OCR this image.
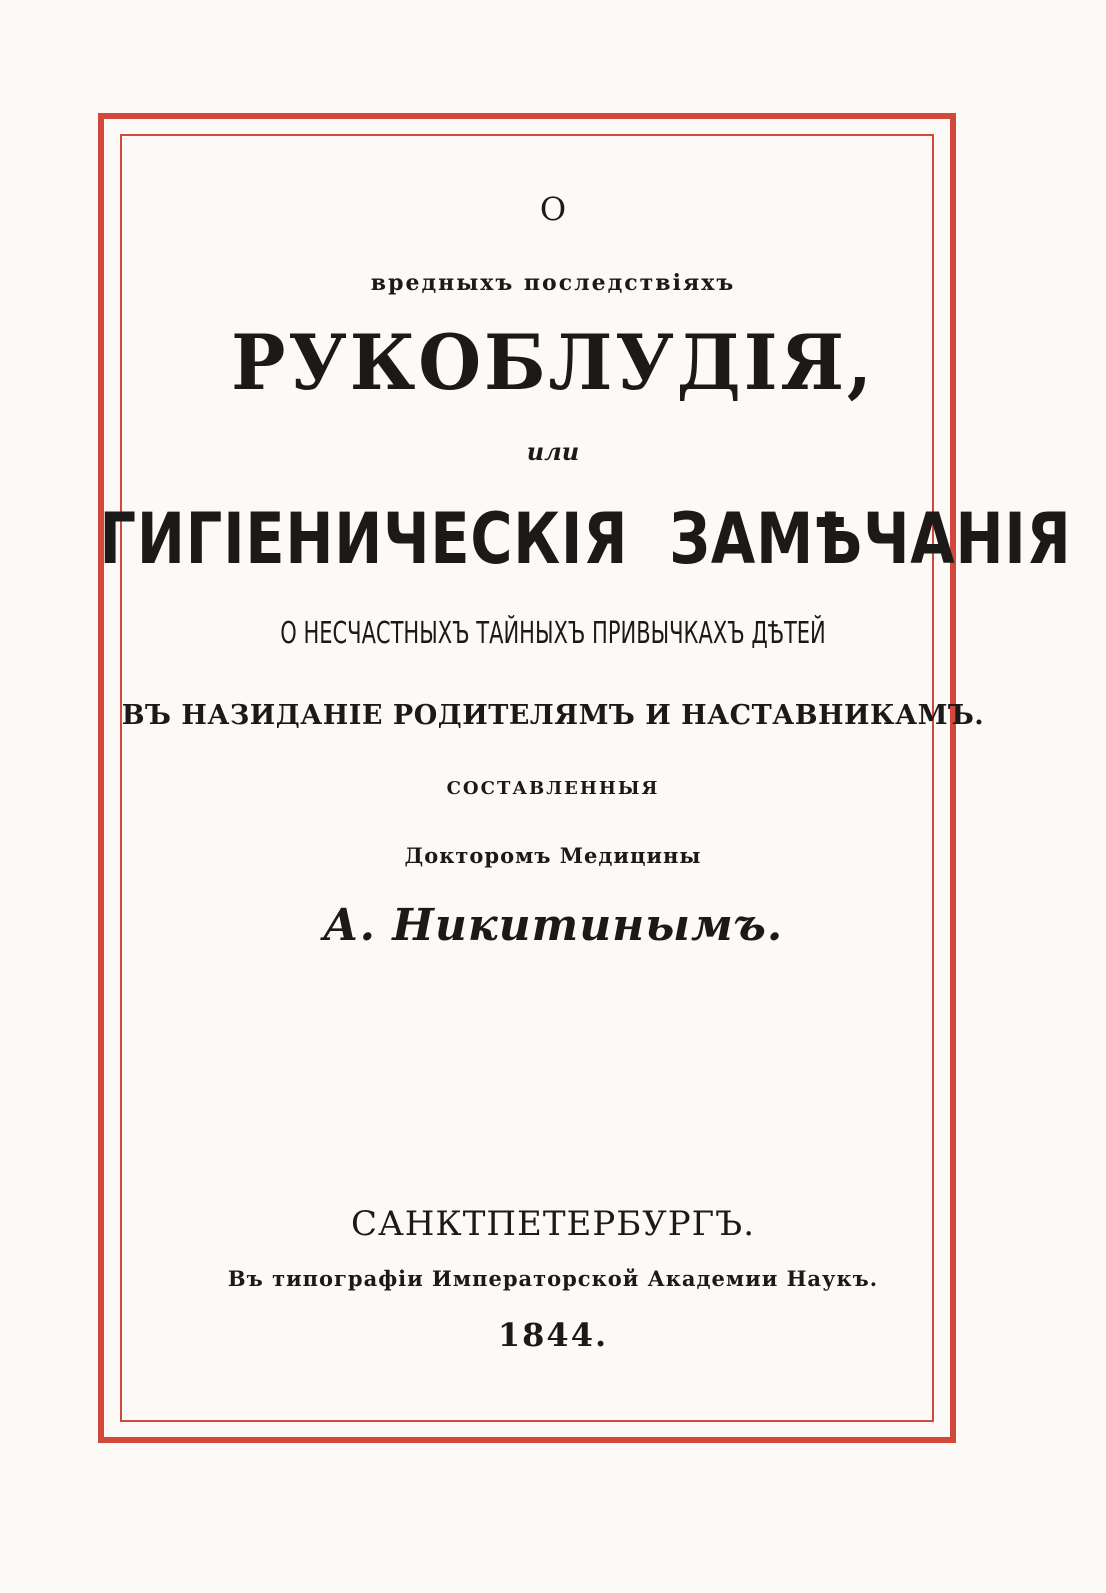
О
вредныхъ последствiяхъ
РУКОБЛУДІЯ,
или
ГИГІЕНИЧЕСКІЯ ЗАМѢЧАНІЯ
О НЕСЧАСТНЫХЪ ТАЙНЫХЪ ПРИВЫЧКАХЪ ДѢТЕЙ
ВЪ НАЗИДАНІЕ РОДИТЕЛЯМЪ И НАСТАВНИКАМЪ.
СОСТАВЛЕННЫЯ
Докторомъ Медицины
А. Никитинымъ.
САНКТПЕТЕРБУРГЪ.
Въ типографiи Императорской Академии Наукъ.
1844.
